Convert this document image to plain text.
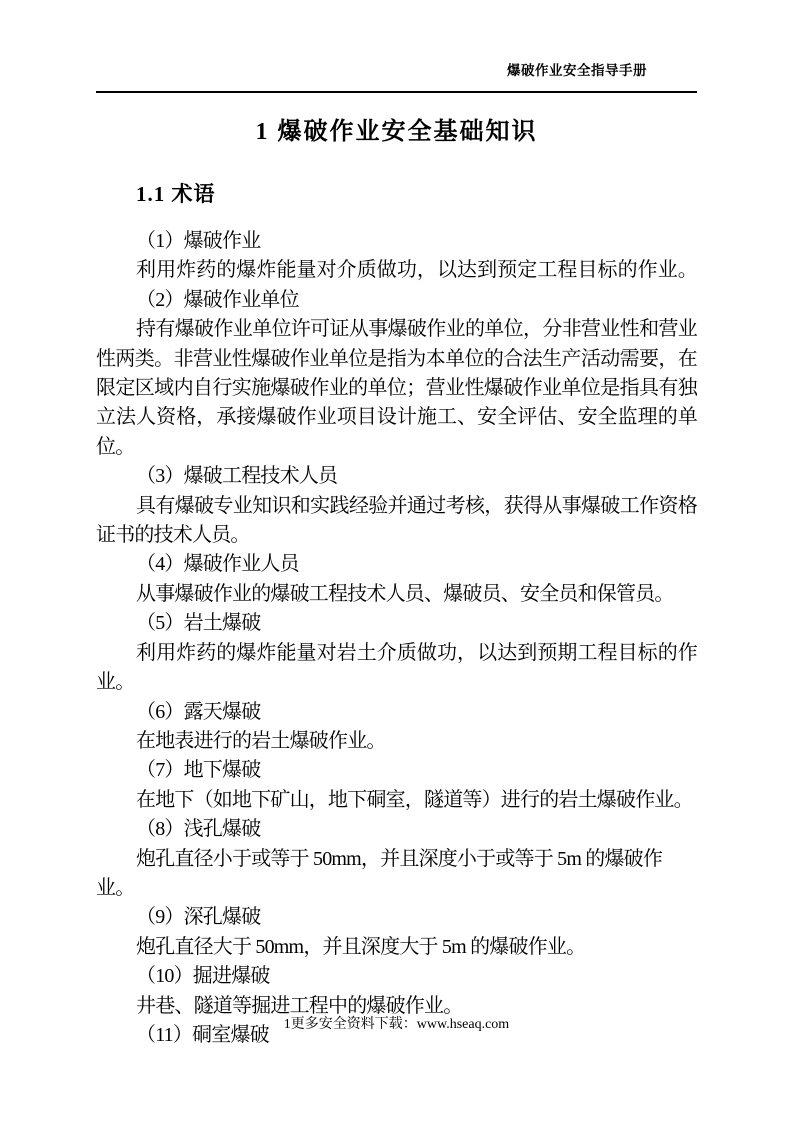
爆破作业安全指导手册
1 爆破作业安全基础知识
1.1 术语
（1）爆破作业
利用炸药的爆炸能量对介质做功，以达到预定工程目标的作业。
（2）爆破作业单位
持有爆破作业单位许可证从事爆破作业的单位，分非营业性和营业
性两类。非营业性爆破作业单位是指为本单位的合法生产活动需要，在
限定区域内自行实施爆破作业的单位；营业性爆破作业单位是指具有独
立法人资格，承接爆破作业项目设计施工、安全评估、安全监理的单
位。
（3）爆破工程技术人员
具有爆破专业知识和实践经验并通过考核，获得从事爆破工作资格
证书的技术人员。
（4）爆破作业人员
从事爆破作业的爆破工程技术人员、爆破员、安全员和保管员。
（5）岩土爆破
利用炸药的爆炸能量对岩土介质做功，以达到预期工程目标的作
业。
（6）露天爆破
在地表进行的岩土爆破作业。
（7）地下爆破
在地下（如地下矿山，地下硐室，隧道等）进行的岩土爆破作业。
（8）浅孔爆破
炮孔直径小于或等于 50mm，并且深度小于或等于 5m 的爆破作业。
（9）深孔爆破
炮孔直径大于 50mm，并且深度大于 5m 的爆破作业。
（10）掘进爆破
井巷、隧道等掘进工程中的爆破作业。
（11）硐室爆破	1更多安全资料下载：www.hseaq.com
